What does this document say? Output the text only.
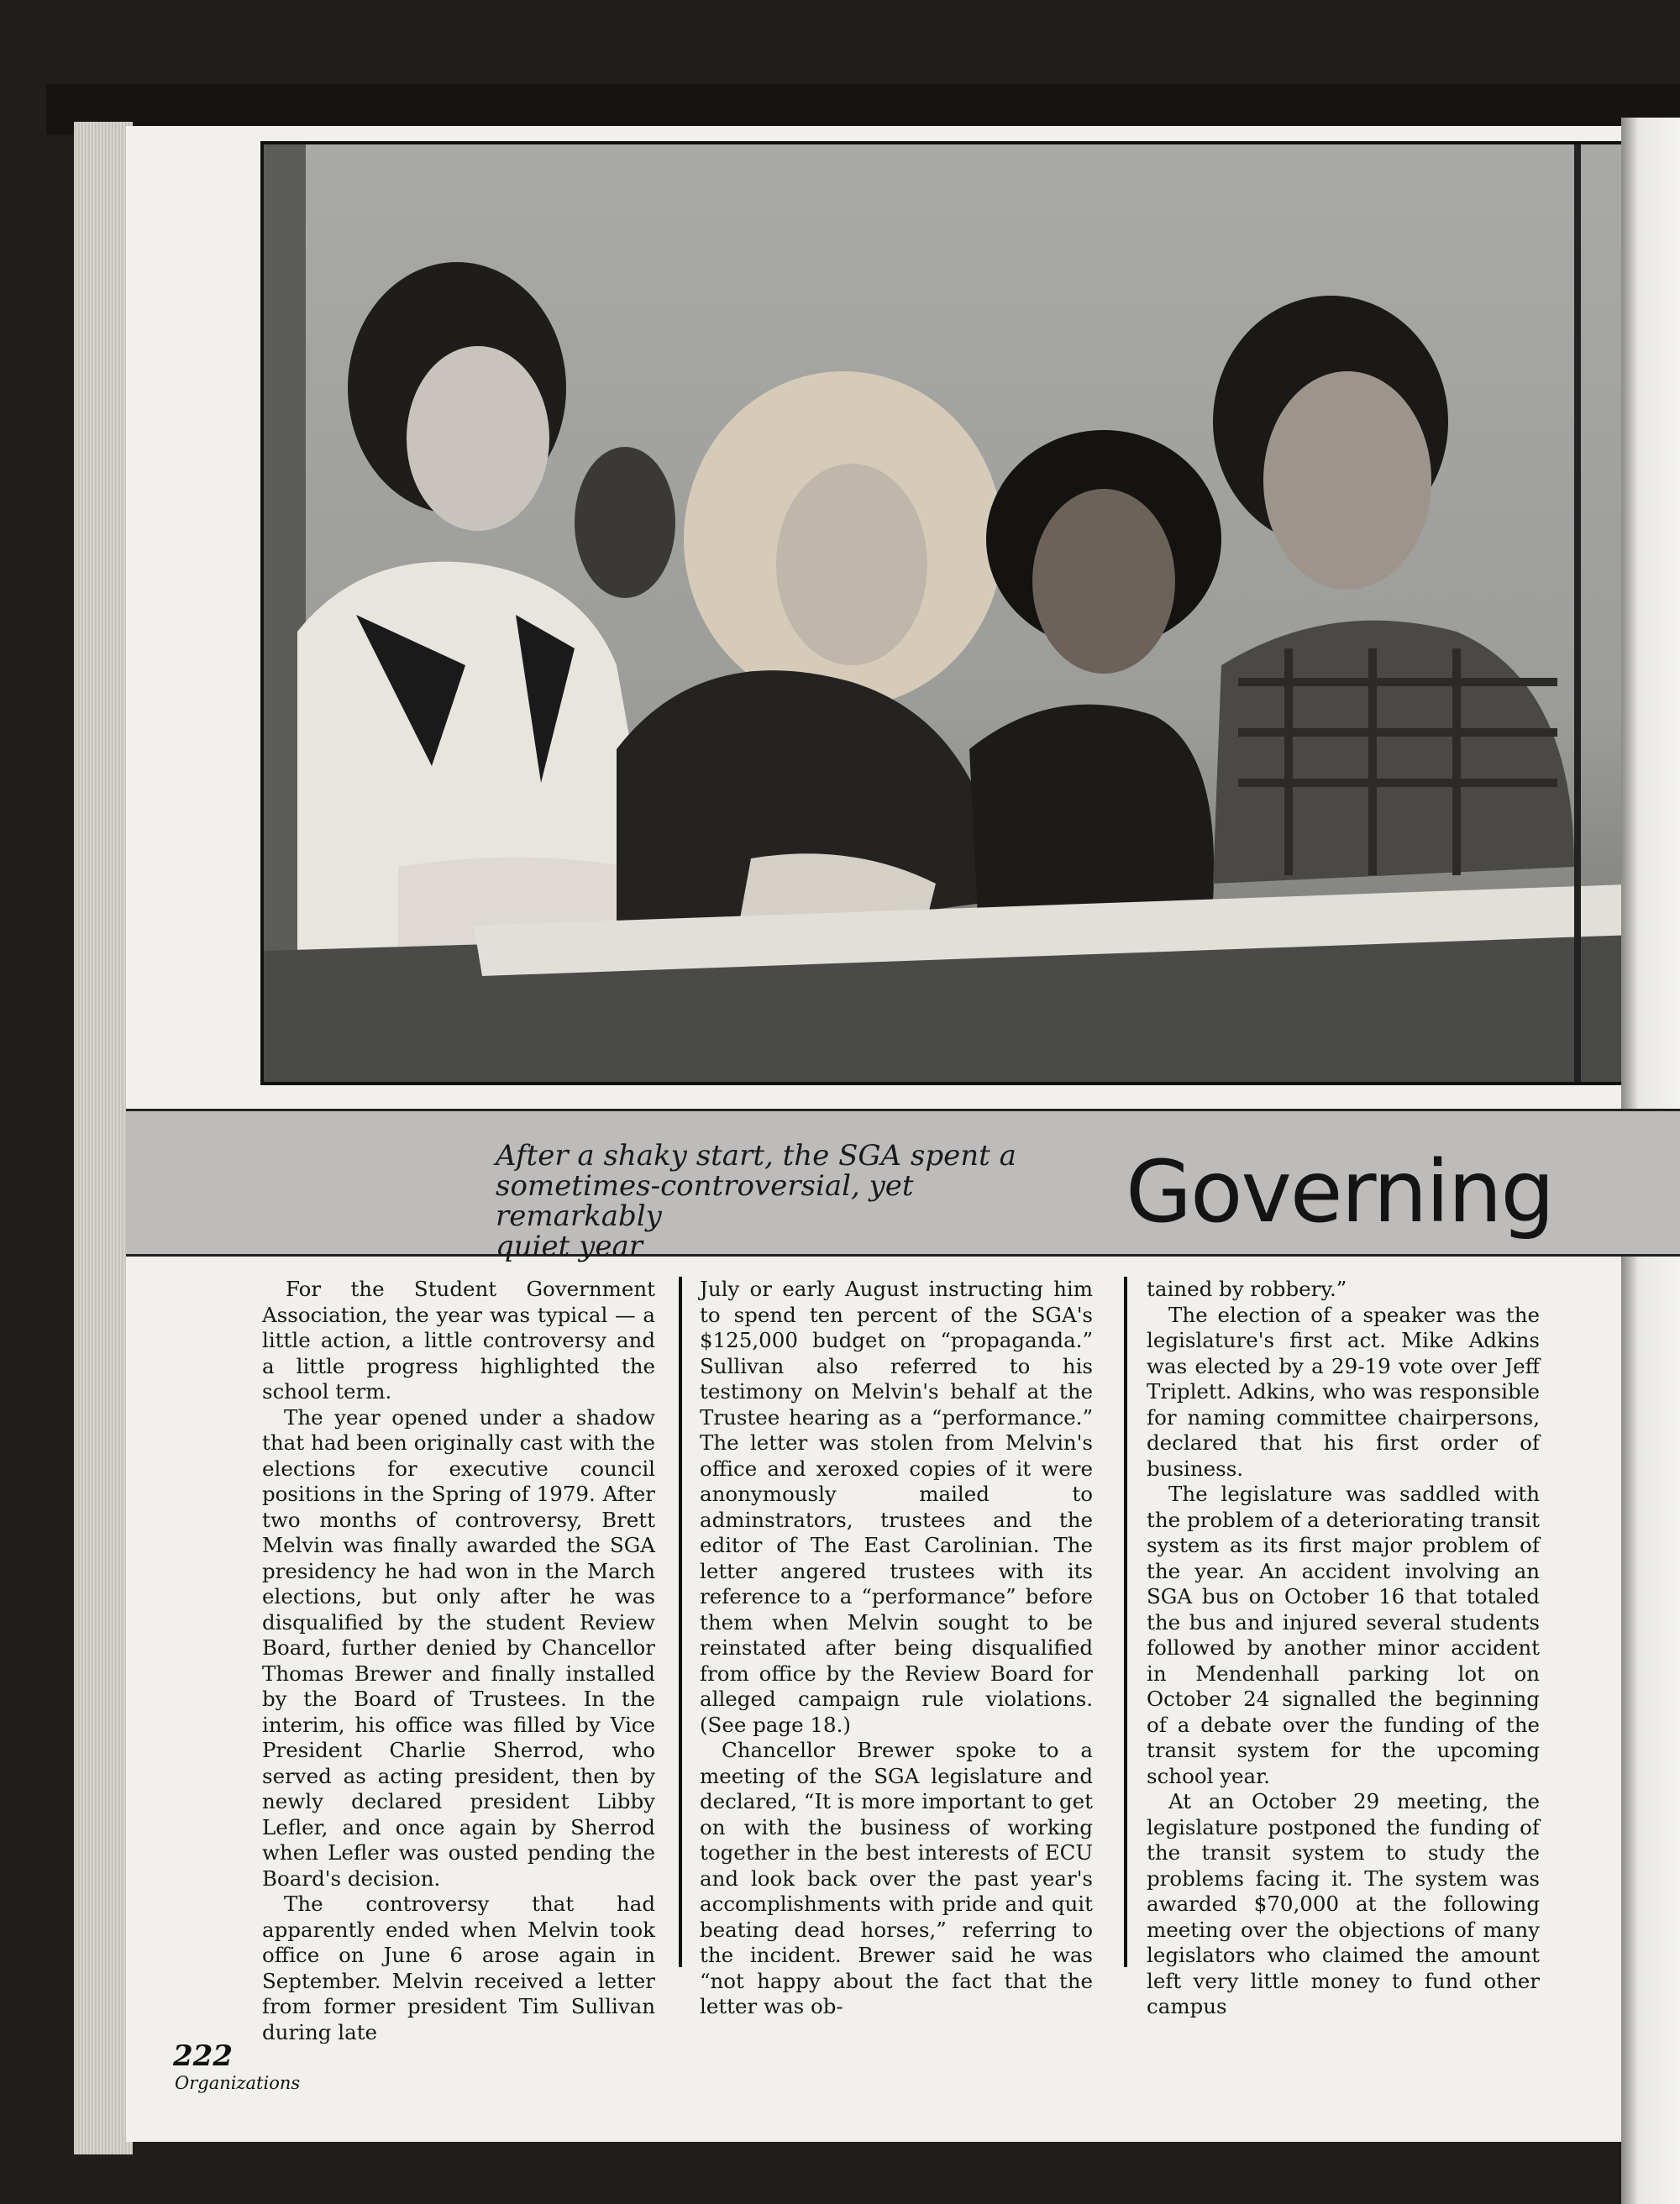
After a shaky start, the SGA spent a
sometimes-controversial, yet remarkably
quiet year
Governing

For the Student Government Association, the year was typical — a little action, a little controversy and a little progress highlighted the school term.

The year opened under a shadow that had been originally cast with the elections for executive council positions in the Spring of 1979. After two months of controversy, Brett Melvin was finally awarded the SGA presidency he had won in the March elections, but only after he was disqualified by the student Review Board, further denied by Chancellor Thomas Brewer and finally installed by the Board of Trustees. In the interim, his office was filled by Vice President Charlie Sherrod, who served as acting president, then by newly declared president Libby Lefler, and once again by Sherrod when Lefler was ousted pending the Board's decision.

The controversy that had apparently ended when Melvin took office on June 6 arose again in September. Melvin received a letter from former president Tim Sullivan during late

July or early August instructing him to spend ten percent of the SGA's $125,000 budget on “propaganda.” Sullivan also referred to his testimony on Melvin's behalf at the Trustee hearing as a “performance.” The letter was stolen from Melvin's office and xeroxed copies of it were anonymously mailed to adminstrators, trustees and the editor of The East Carolinian. The letter angered trustees with its reference to a “performance” before them when Melvin sought to be reinstated after being disqualified from office by the Review Board for alleged campaign rule violations. (See page 18.)

Chancellor Brewer spoke to a meeting of the SGA legislature and declared, “It is more important to get on with the business of working together in the best interests of ECU and look back over the past year's accomplishments with pride and quit beating dead horses,” referring to the incident. Brewer said he was “not happy about the fact that the letter was ob-

tained by robbery.”

The election of a speaker was the legislature's first act. Mike Adkins was elected by a 29-19 vote over Jeff Triplett. Adkins, who was responsible for naming committee chairpersons, declared that his first order of business.

The legislature was saddled with the problem of a deteriorating transit system as its first major problem of the year. An accident involving an SGA bus on October 16 that totaled the bus and injured several students followed by another minor accident in Mendenhall parking lot on October 24 signalled the beginning of a debate over the funding of the transit system for the upcoming school year.

At an October 29 meeting, the legislature postponed the funding of the transit system to study the problems facing it. The system was awarded $70,000 at the following meeting over the objections of many legislators who claimed the amount left very little money to fund other campus

222
Organizations
